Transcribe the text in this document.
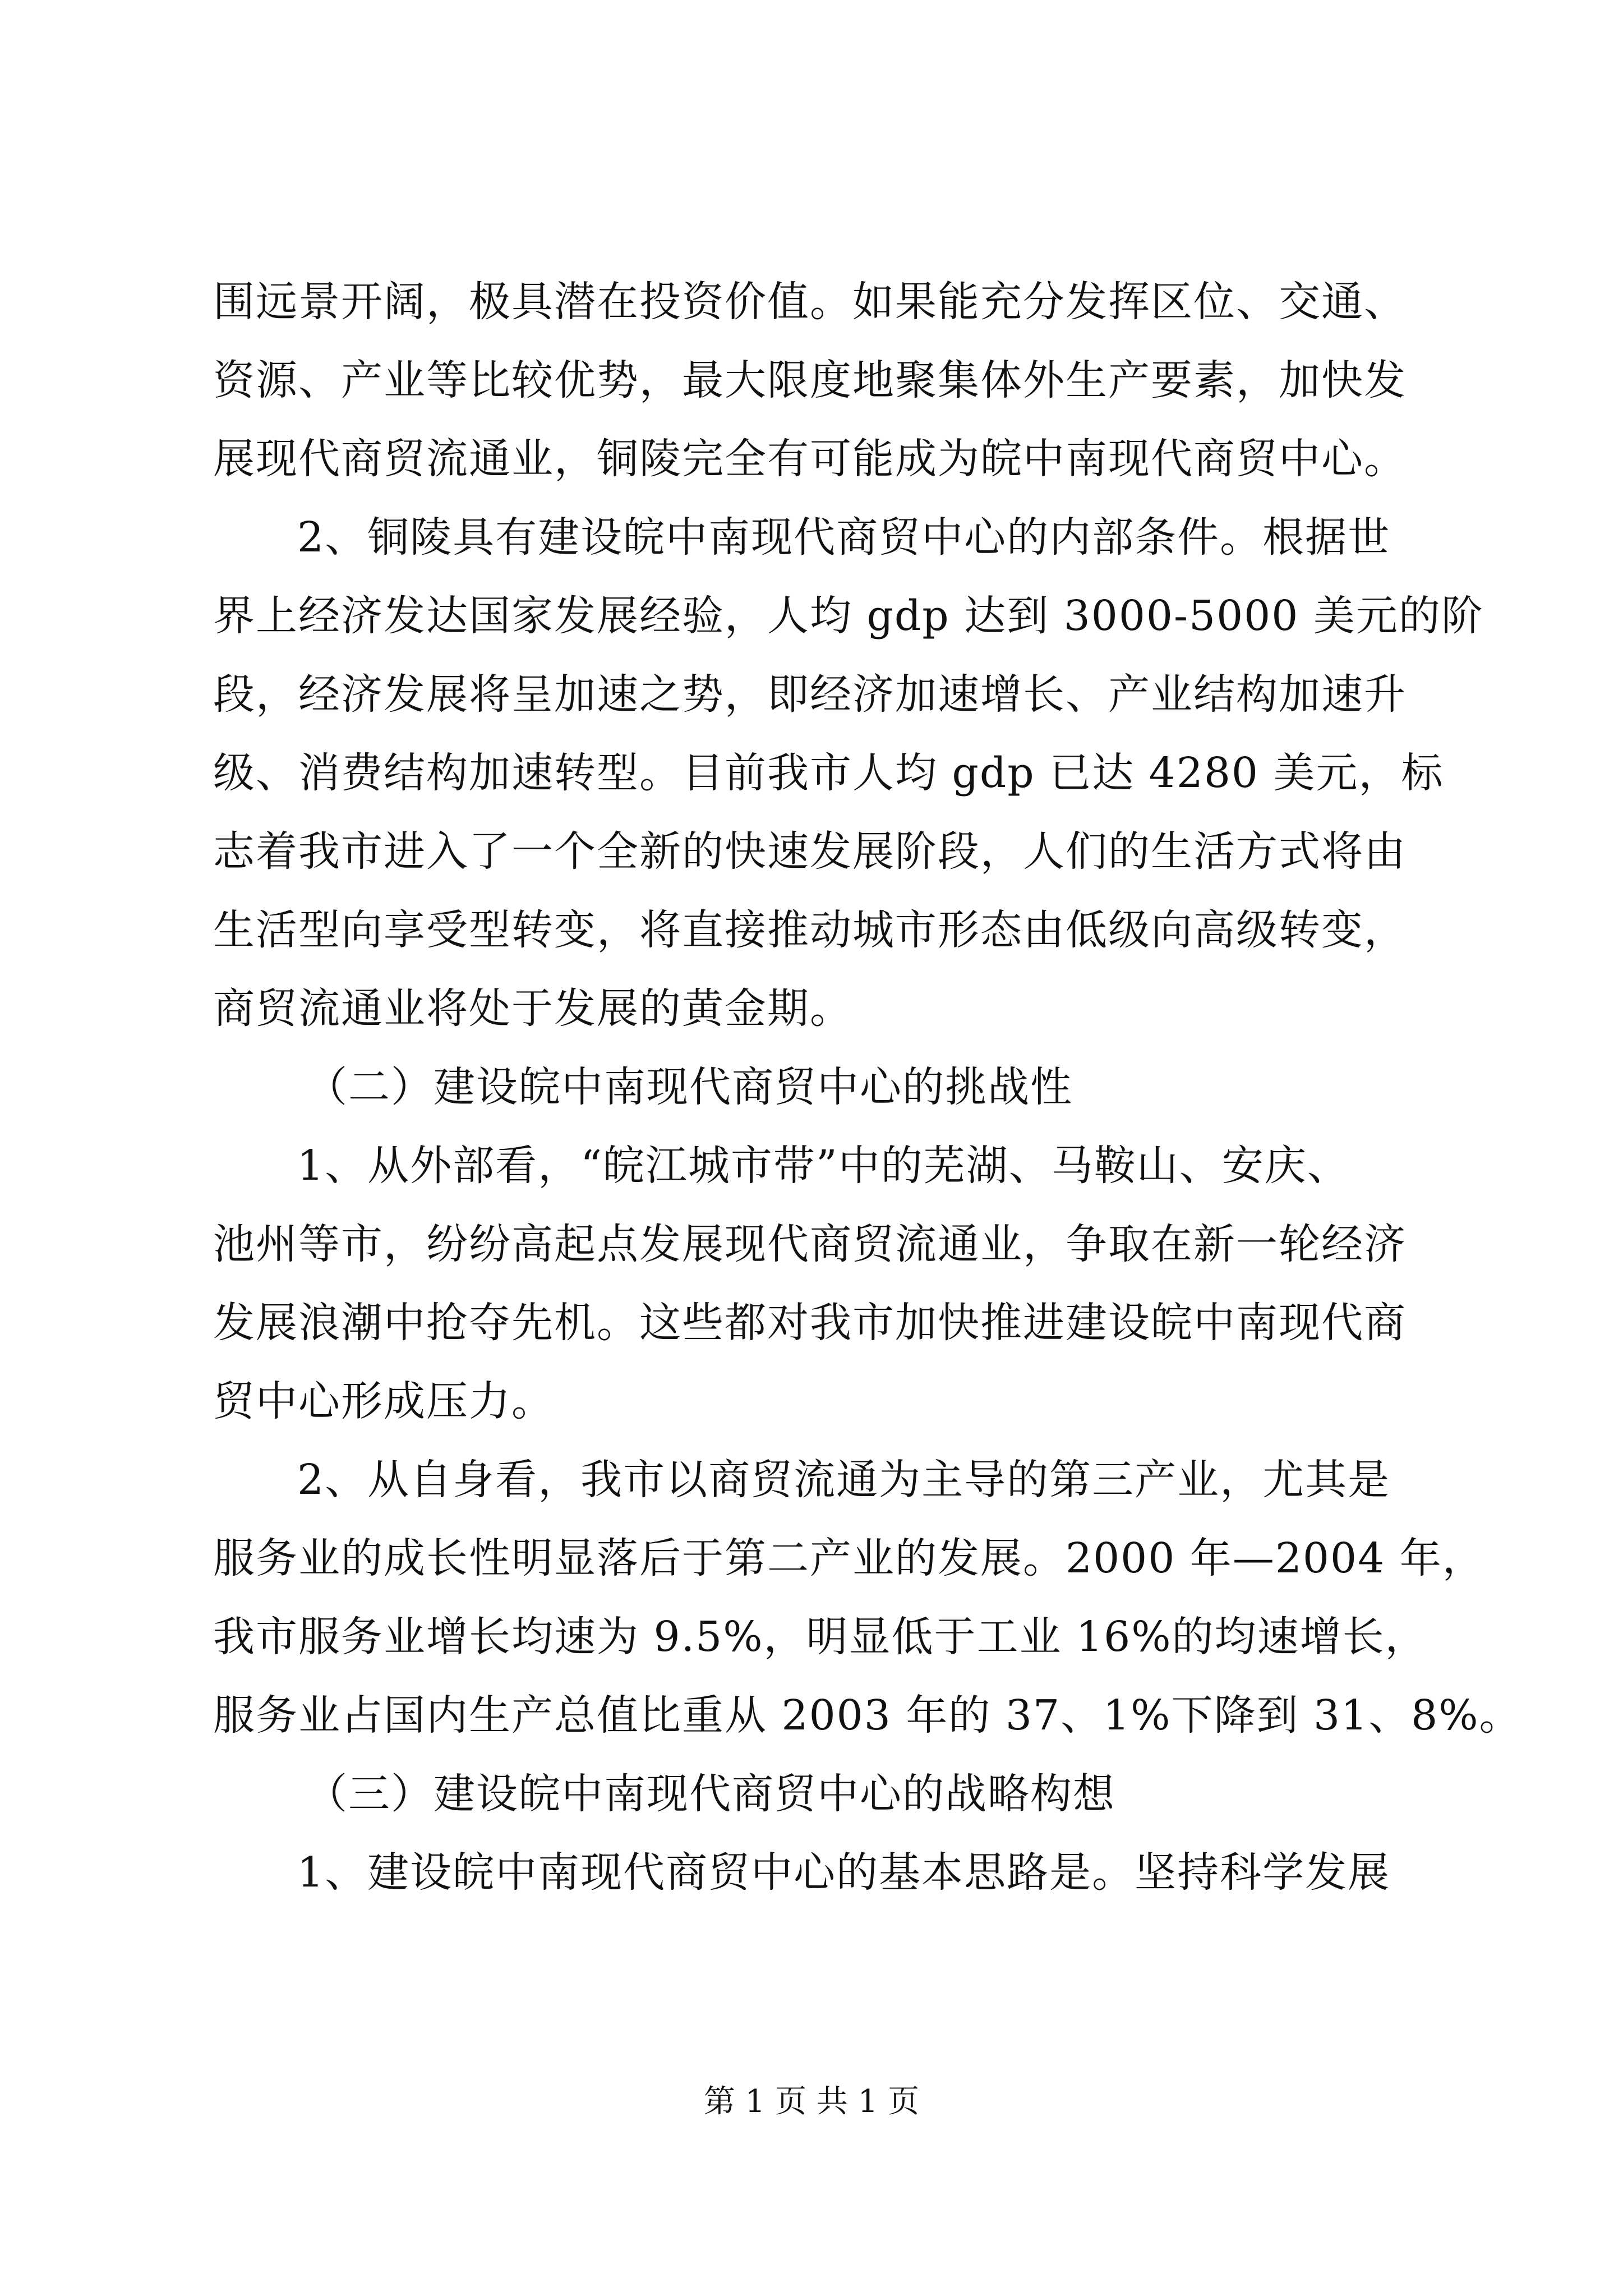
围远景开阔，极具潜在投资价值。如果能充分发挥区位、交通、
资源、产业等比较优势，最大限度地聚集体外生产要素，加快发
展现代商贸流通业，铜陵完全有可能成为皖中南现代商贸中心。
2、铜陵具有建设皖中南现代商贸中心的内部条件。根据世
界上经济发达国家发展经验，人均 gdp 达到 3000-5000 美元的阶
段，经济发展将呈加速之势，即经济加速增长、产业结构加速升
级、消费结构加速转型。目前我市人均 gdp 已达 4280 美元，标
志着我市进入了一个全新的快速发展阶段，人们的生活方式将由
生活型向享受型转变，将直接推动城市形态由低级向高级转变，
商贸流通业将处于发展的黄金期。
（二）建设皖中南现代商贸中心的挑战性
1、从外部看，“皖江城市带”中的芜湖、马鞍山、安庆、
池州等市，纷纷高起点发展现代商贸流通业，争取在新一轮经济
发展浪潮中抢夺先机。这些都对我市加快推进建设皖中南现代商
贸中心形成压力。
2、从自身看，我市以商贸流通为主导的第三产业，尤其是
服务业的成长性明显落后于第二产业的发展。2000 年—2004 年，
我市服务业增长均速为 9.5%，明显低于工业 16%的均速增长，
服务业占国内生产总值比重从 2003 年的 37、1%下降到 31、8%。
（三）建设皖中南现代商贸中心的战略构想
1、建设皖中南现代商贸中心的基本思路是。坚持科学发展
第 1 页 共 1 页
